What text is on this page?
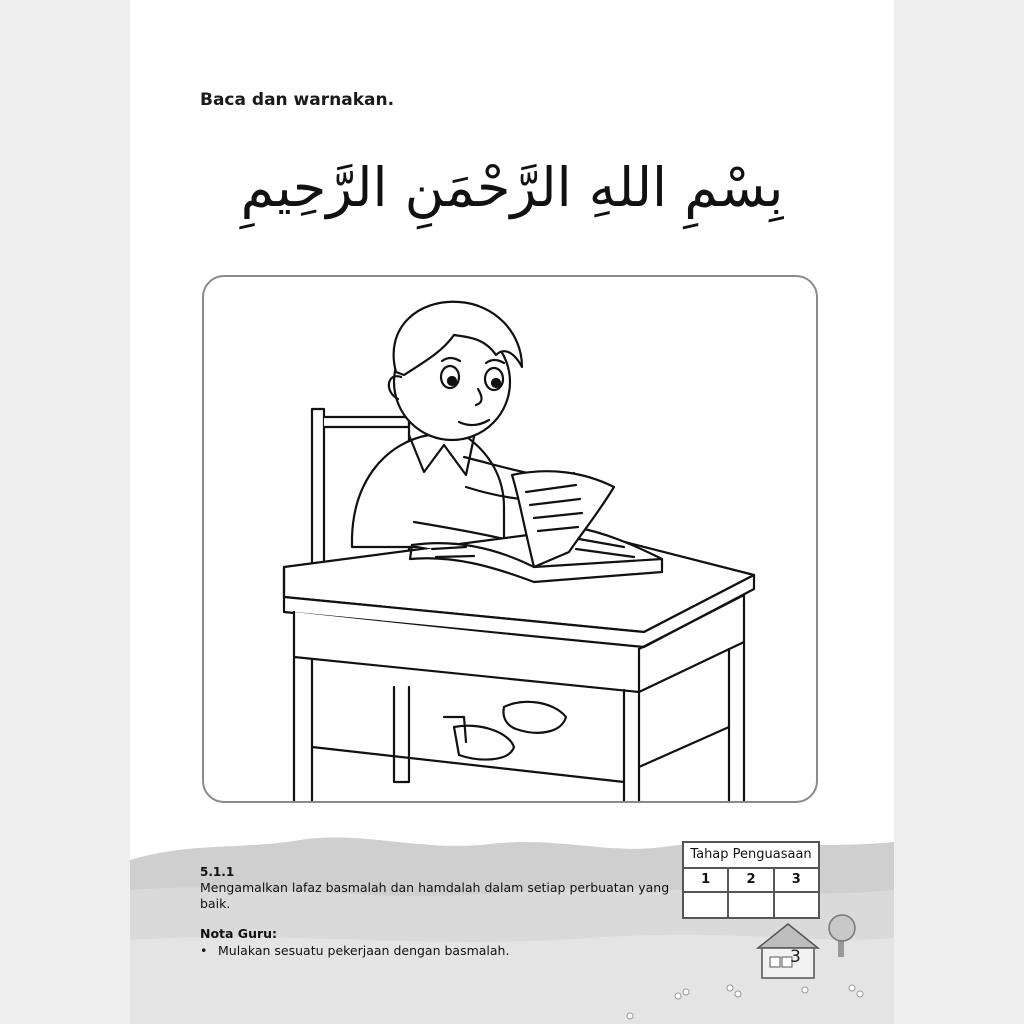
Baca dan warnakan.
بِسْمِ اللهِ الرَّحْمَنِ الرَّحِيمِ
5.1.1
Mengamalkan lafaz basmalah dan hamdalah dalam setiap perbuatan yang baik.
Nota Guru:
• Mulakan sesuatu pekerjaan dengan basmalah.
Tahap Penguasaan
1	2	3
3
